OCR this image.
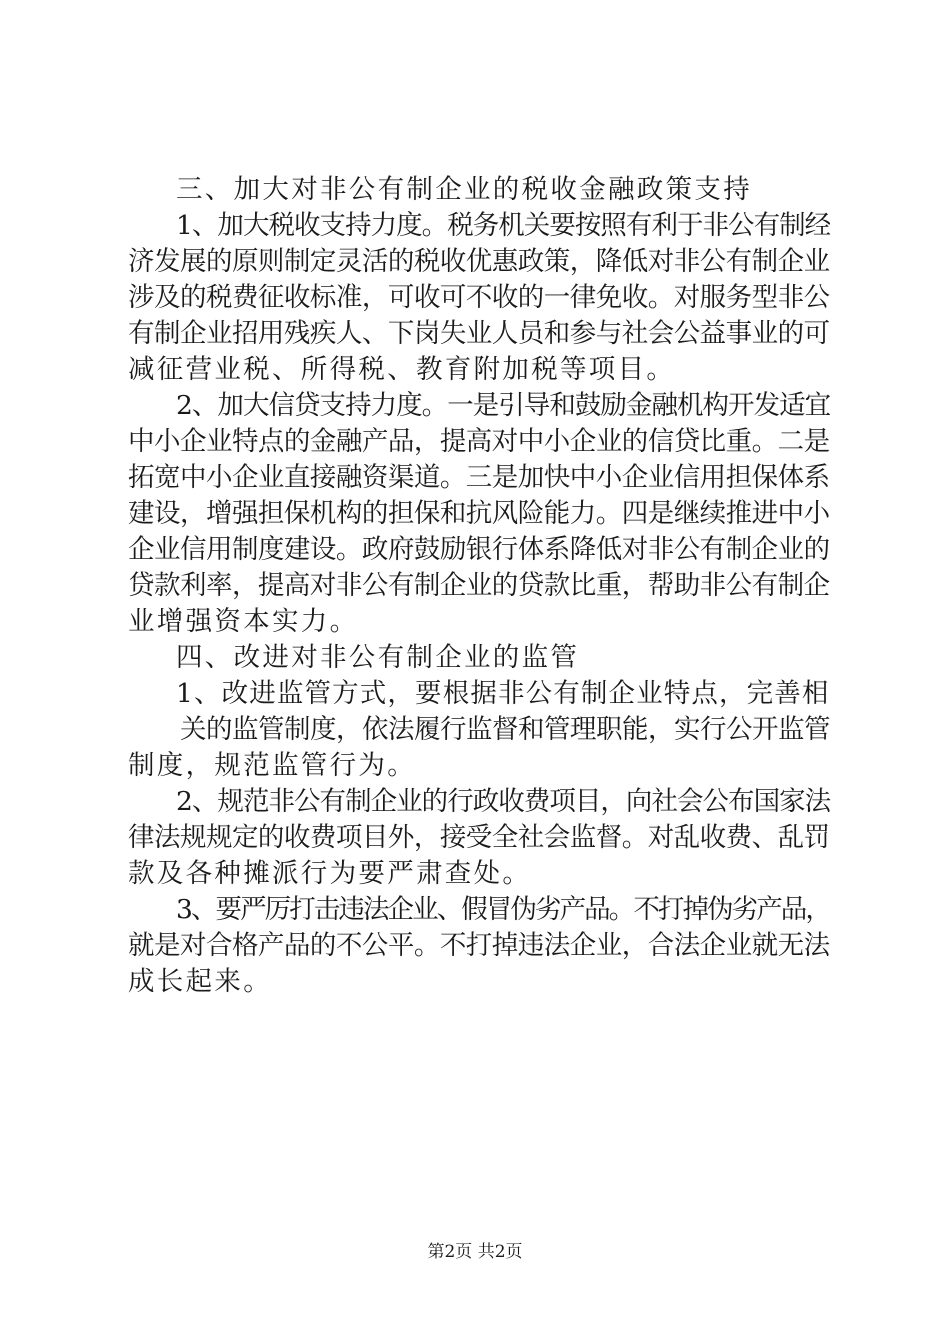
三、加大对非公有制企业的税收金融政策支持
1、加大税收支持力度。税务机关要按照有利于非公有制经
济发展的原则制定灵活的税收优惠政策，降低对非公有制企业
涉及的税费征收标准，可收可不收的一律免收。对服务型非公
有制企业招用残疾人、下岗失业人员和参与社会公益事业的可
减征营业税、所得税、教育附加税等项目。
2、加大信贷支持力度。一是引导和鼓励金融机构开发适宜
中小企业特点的金融产品，提高对中小企业的信贷比重。二是
拓宽中小企业直接融资渠道。三是加快中小企业信用担保体系
建设，增强担保机构的担保和抗风险能力。四是继续推进中小
企业信用制度建设。政府鼓励银行体系降低对非公有制企业的
贷款利率，提高对非公有制企业的贷款比重，帮助非公有制企
业增强资本实力。
四、改进对非公有制企业的监管
1、改进监管方式，要根据非公有制企业特点，完善相
关的监管制度，依法履行监督和管理职能，实行公开监管
制度，规范监管行为。
2、规范非公有制企业的行政收费项目，向社会公布国家法
律法规规定的收费项目外，接受全社会监督。对乱收费、乱罚
款及各种摊派行为要严肃查处。
3、要严厉打击违法企业、假冒伪劣产品。不打掉伪劣产品，
就是对合格产品的不公平。不打掉违法企业，合法企业就无法
成长起来。
第2页 共2页
